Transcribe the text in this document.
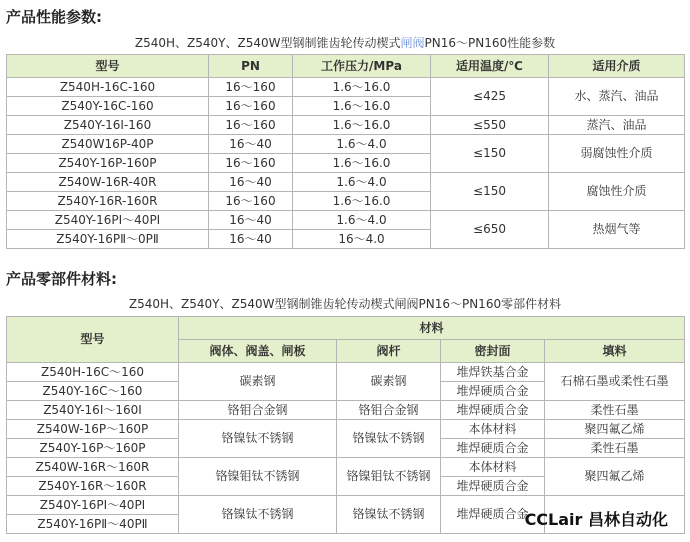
产品性能参数:
Z540H、Z540Y、Z540W型钢制锥齿轮传动楔式闸阀PN16～PN160性能参数
型号	PN	工作压力/MPa	适用温度/℃	适用介质
Z540H-16C-160	16～160	1.6～16.0	≤425	水、蒸汽、油品
Z540Y-16C-160	16～160	1.6～16.0		
Z540Y-16I-160	16～160	1.6～16.0	≤550	蒸汽、油品
Z540W16P-40P	16～40	1.6～4.0	≤150	弱腐蚀性介质
Z540Y-16P-160P	16～160	1.6～16.0		
Z540W-16R-40R	16～40	1.6～4.0	≤150	腐蚀性介质
Z540Y-16R-160R	16～160	1.6～16.0		
Z540Y-16PⅠ～40PⅠ	16～40	1.6～4.0	≤650	热烟气等
Z540Y-16PⅡ～0PⅡ	16～40	16～4.0		
产品零部件材料:
Z540H、Z540Y、Z540W型钢制锥齿轮传动楔式闸阀PN16～PN160零部件材料
型号	材料			
	阀体、阀盖、闸板	阀杆	密封面	填料
Z540H-16C～160	碳素钢	碳素钢	堆焊铁基合金	石棉石墨或柔性石墨
Z540Y-16C～160			堆焊硬质合金	
Z540Y-16I～160I	铬钼合金钢	铬钼合金钢	堆焊硬质合金	柔性石墨
Z540W-16P～160P	铬镍钛不锈钢	铬镍钛不锈钢	本体材料	聚四氟乙烯
Z540Y-16P～160P			堆焊硬质合金	柔性石墨
Z540W-16R～160R	铬镍钼钛不锈钢	铬镍钼钛不锈钢	本体材料	聚四氟乙烯
Z540Y-16R～160R			堆焊硬质合金	
Z540Y-16PⅠ～40PⅠ	铬镍钛不锈钢	铬镍钛不锈钢	堆焊硬质合金	
Z540Y-16PⅡ～40PⅡ					CCLair 昌林自动化
